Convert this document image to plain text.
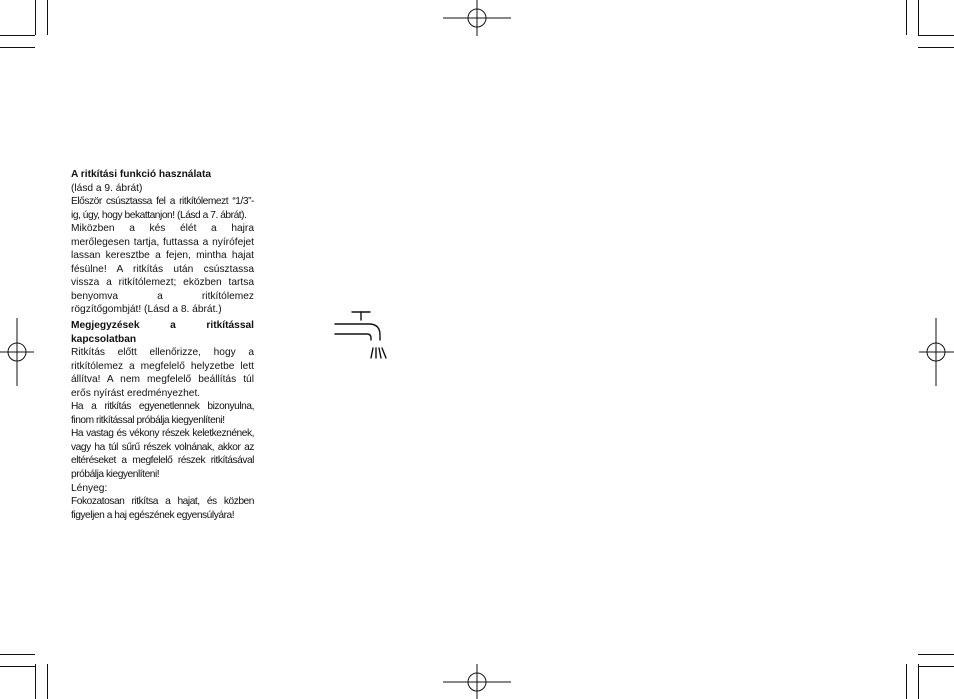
A ritkítási funkció használata

(lásd a 9. ábrát)

Először csúsztassa fel a ritkítólemezt “1/3”-ig, úgy, hogy bekattanjon! (Lásd a 7. ábrát).

Miközben a kés élét a hajra merőlegesen tartja, futtassa a nyírófejet lassan keresztbe a fejen, mintha hajat fésülne! A ritkítás után csúsztassa vissza a ritkítólemezt; eközben tartsa benyomva a ritkítólemez rögzítőgombját! (Lásd a 8. ábrát.)

Megjegyzések a ritkítással kapcsolatban

Ritkítás előtt ellenőrizze, hogy a ritkítólemez a megfelelő helyzetbe lett állítva! A nem megfelelő beállítás túl erős nyírást eredményezhet.

Ha a ritkítás egyenetlennek bizonyulna, finom ritkítással próbálja kiegyenlíteni!

Ha vastag és vékony részek keletkeznének, vagy ha túl sűrű részek volnának, akkor az eltéréseket a megfelelő részek ritkításával próbálja kiegyenlíteni!

Lényeg:

Fokozatosan ritkítsa a hajat, és közben figyeljen a haj egészének egyensúlyára!
